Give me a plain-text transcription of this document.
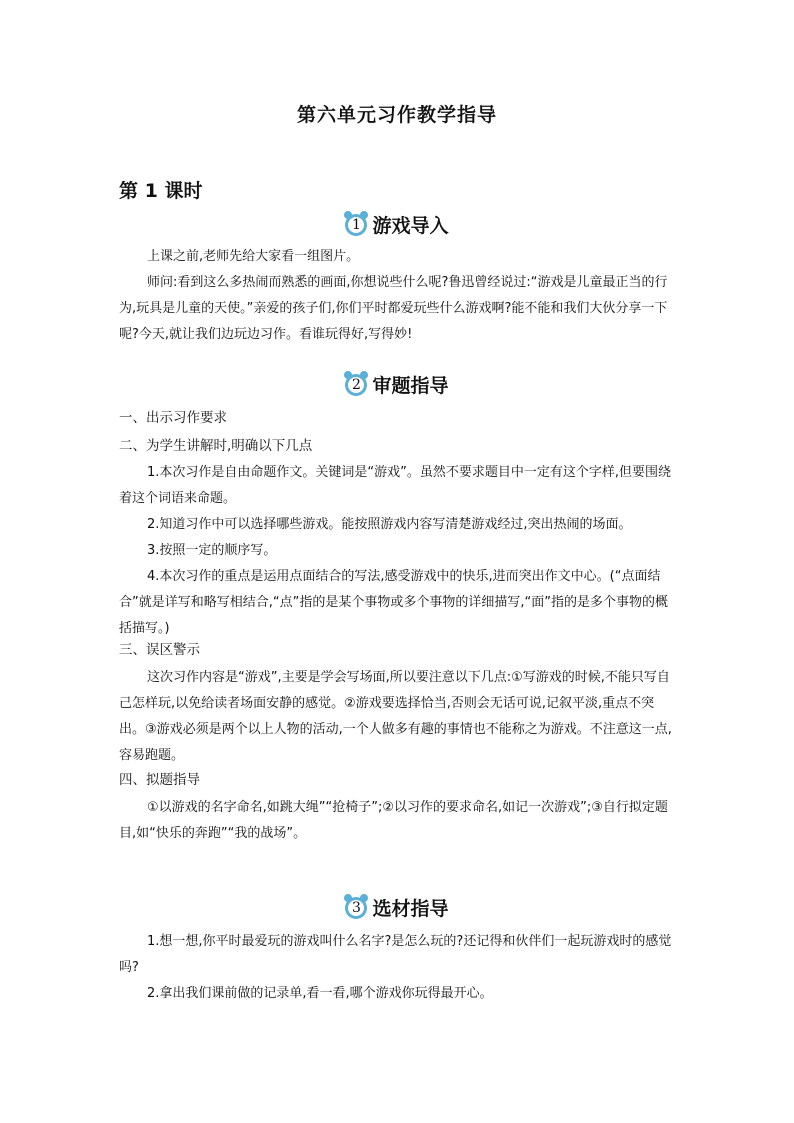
第六单元习作教学指导
第 1 课时
1 游戏导入
上课之前,老师先给大家看一组图片。
师问:看到这么多热闹而熟悉的画面,你想说些什么呢?鲁迅曾经说过:“游戏是儿童最正当的行为,玩具是儿童的天使。”亲爱的孩子们,你们平时都爱玩些什么游戏啊?能不能和我们大伙分享一下呢?今天,就让我们边玩边习作。看谁玩得好,写得妙!
2 审题指导
一、出示习作要求
二、为学生讲解时,明确以下几点
1.本次习作是自由命题作文。关键词是“游戏”。虽然不要求题目中一定有这个字样,但要围绕着这个词语来命题。
2.知道习作中可以选择哪些游戏。能按照游戏内容写清楚游戏经过,突出热闹的场面。
3.按照一定的顺序写。
4.本次习作的重点是运用点面结合的写法,感受游戏中的快乐,进而突出作文中心。(“点面结合”就是详写和略写相结合,“点”指的是某个事物或多个事物的详细描写,“面”指的是多个事物的概括描写。)
三、误区警示
这次习作内容是“游戏”,主要是学会写场面,所以要注意以下几点:①写游戏的时候,不能只写自己怎样玩,以免给读者场面安静的感觉。②游戏要选择恰当,否则会无话可说,记叙平淡,重点不突出。③游戏必须是两个以上人物的活动,一个人做多有趣的事情也不能称之为游戏。不注意这一点,容易跑题。
四、拟题指导
①以游戏的名字命名,如跳大绳”“抢椅子”;②以习作的要求命名,如记一次游戏”;③自行拟定题目,如“快乐的奔跑”“我的战场”。
3 选材指导
1.想一想,你平时最爱玩的游戏叫什么名字?是怎么玩的?还记得和伙伴们一起玩游戏时的感觉吗?
2.拿出我们课前做的记录单,看一看,哪个游戏你玩得最开心。
